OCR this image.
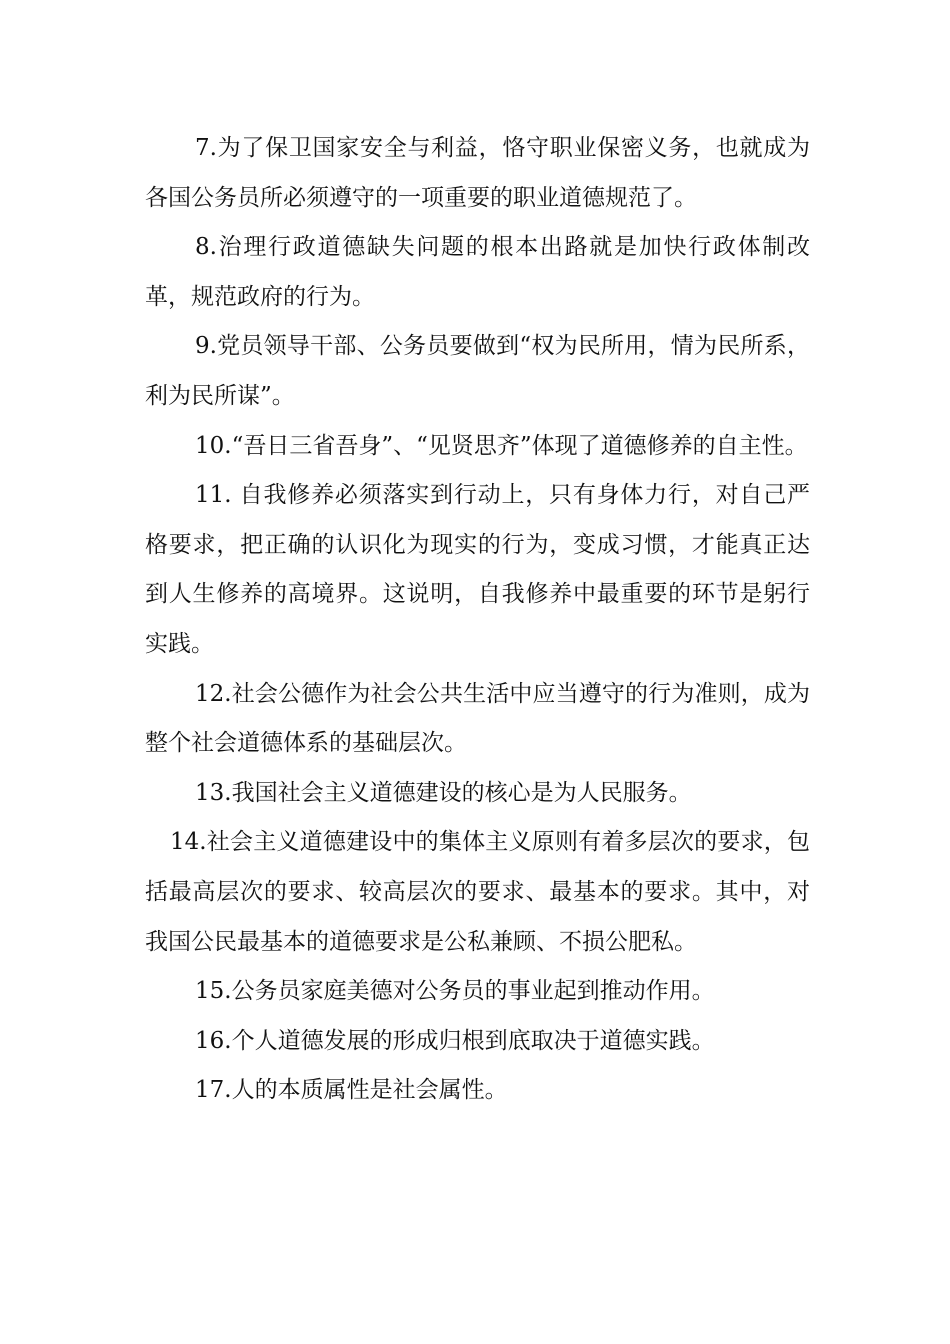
7.为了保卫国家安全与利益，恪守职业保密义务，也就成为各国公务员所必须遵守的一项重要的职业道德规范了。

8.治理行政道德缺失问题的根本出路就是加快行政体制改革，规范政府的行为。

9.党员领导干部、公务员要做到“权为民所用，情为民所系，利为民所谋”。

10.“吾日三省吾身”、“见贤思齐”体现了道德修养的自主性。

11. 自我修养必须落实到行动上，只有身体力行，对自己严格要求，把正确的认识化为现实的行为，变成习惯，才能真正达到人生修养的高境界。这说明，自我修养中最重要的环节是躬行实践。

12.社会公德作为社会公共生活中应当遵守的行为准则，成为整个社会道德体系的基础层次。

13.我国社会主义道德建设的核心是为人民服务。

14.社会主义道德建设中的集体主义原则有着多层次的要求，包括最高层次的要求、较高层次的要求、最基本的要求。其中，对我国公民最基本的道德要求是公私兼顾、不损公肥私。

15.公务员家庭美德对公务员的事业起到推动作用。

16.个人道德发展的形成归根到底取决于道德实践。

17.人的本质属性是社会属性。
